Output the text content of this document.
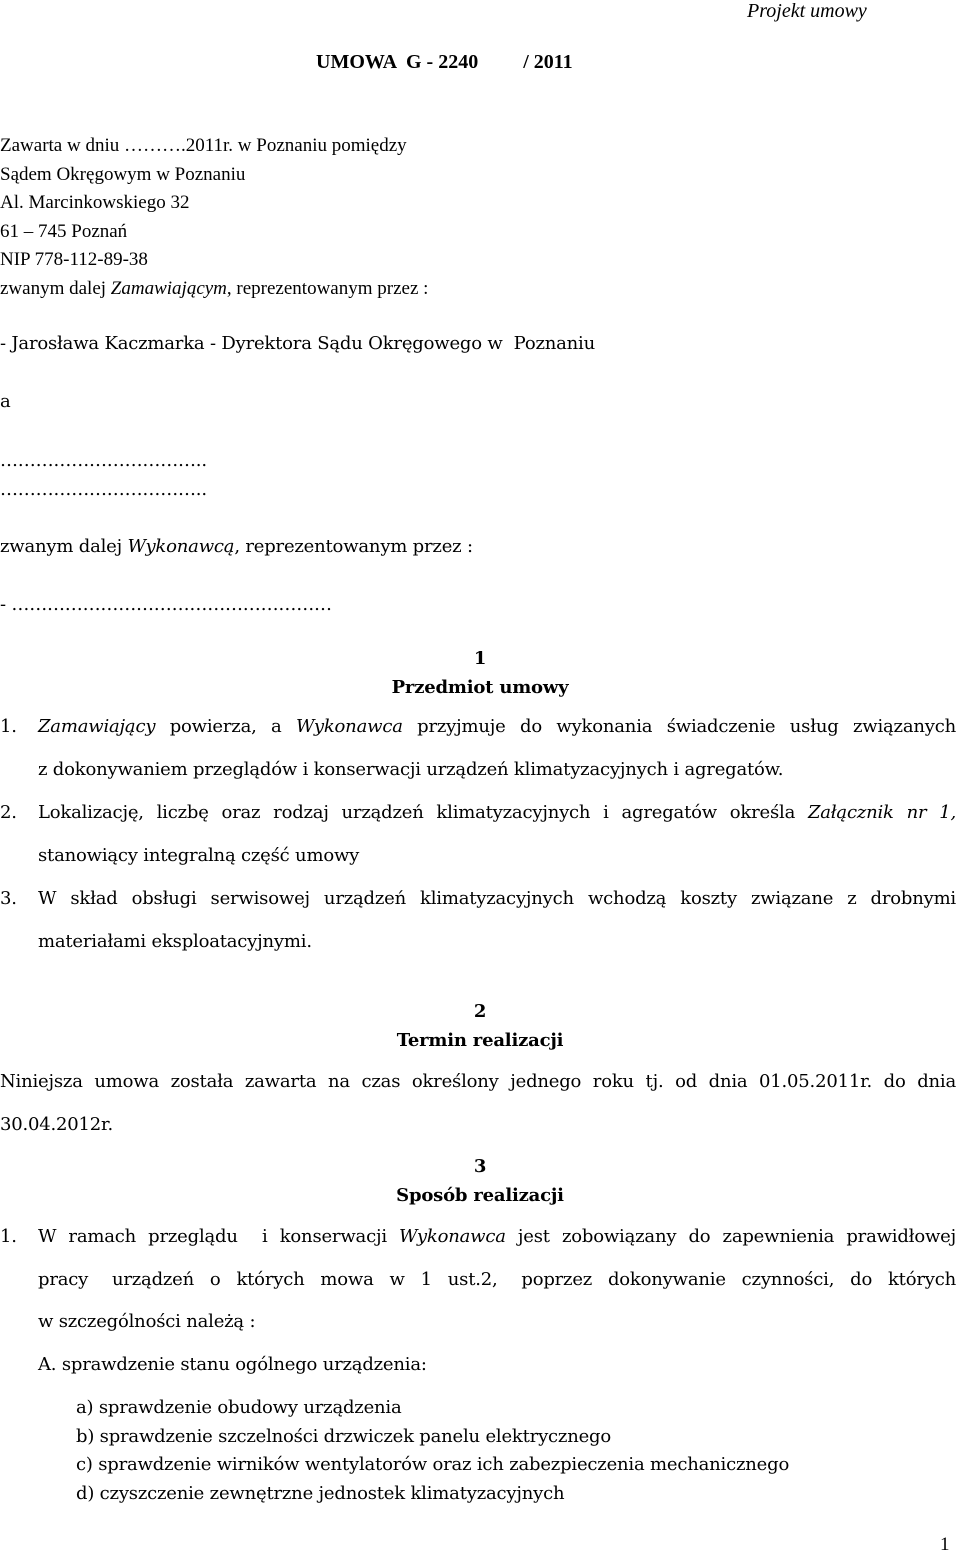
Projekt umowy
UMOWA  G - 2240         / 2011
Zawarta w dniu ……….2011r. w Poznaniu pomiędzy
Sądem Okręgowym w Poznaniu
Al. Marcinkowskiego 32
61 – 745 Poznań
NIP 778-112-89-38
zwanym dalej Zamawiającym, reprezentowanym przez :
- Jarosława Kaczmarka - Dyrektora Sądu Okręgowego w  Poznaniu
a
……………………………..
……………………………..
zwanym dalej Wykonawcą, reprezentowanym przez :
- ………………………………………………
1
Przedmiot umowy
1. Zamawiający powierza, a Wykonawca przyjmuje do wykonania świadczenie usług związanych
z dokonywaniem przeglądów i konserwacji urządzeń klimatyzacyjnych i agregatów.
2. Lokalizację, liczbę oraz rodzaj urządzeń klimatyzacyjnych i agregatów określa Załącznik nr 1,
stanowiący integralną część umowy
3. W skład obsługi serwisowej urządzeń klimatyzacyjnych wchodzą koszty związane z drobnymi
materiałami eksploatacyjnymi.
2
Termin realizacji
Niniejsza umowa została zawarta na czas określony jednego roku tj. od dnia 01.05.2011r. do dnia
30.04.2012r.
3
Sposób realizacji
1. W ramach przeglądu  i konserwacji Wykonawca jest zobowiązany do zapewnienia prawidłowej
pracy   urządzeń  o  których  mowa  w  1  ust.2,   poprzez  dokonywanie  czynności,  do  których
w szczególności należą :
A. sprawdzenie stanu ogólnego urządzenia:
a) sprawdzenie obudowy urządzenia
b) sprawdzenie szczelności drzwiczek panelu elektrycznego
c) sprawdzenie wirników wentylatorów oraz ich zabezpieczenia mechanicznego
d) czyszczenie zewnętrzne jednostek klimatyzacyjnych
1
